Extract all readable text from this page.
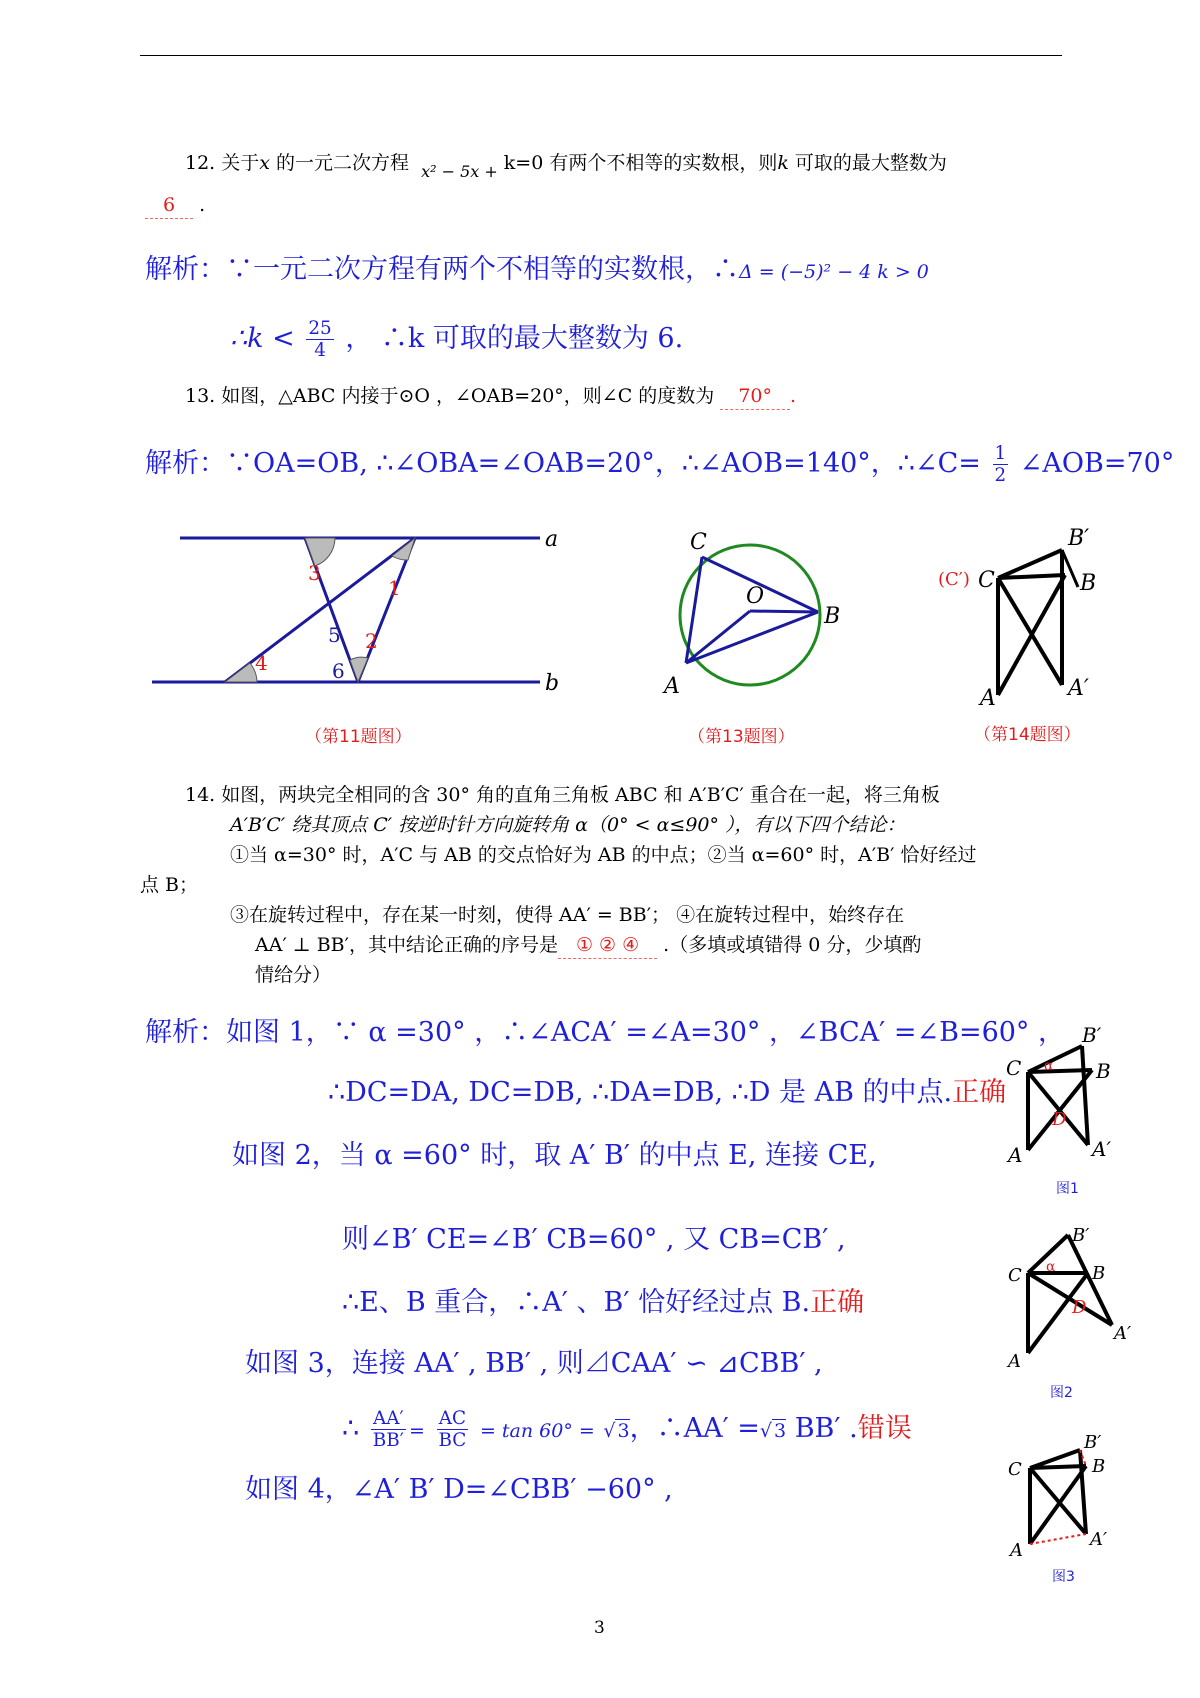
12. 关于x 的一元二次方程 $_{x^2 - 5x +}$ k=0 有两个不相等的实数根，则k 可取的最大整数为
6 .
解析：∵一元二次方程有两个不相等的实数根，∴Δ = (−5)² − 4 k > 0
∴k < $\frac{25}{4}$ ， ∴k 可取的最大整数为 6.
13. 如图，△ABC 内接于⊙O ，∠OAB=20°，则∠C 的度数为 70° .
解析：∵OA=OB, ∴∠OBA=∠OAB=20°，∴∠AOB=140°，∴∠C= $\frac{1}{2}$ ∠AOB=70°
a
b
3
1
2
4
5
6
（第11题图）
C
O
B
A
（第13题图）
B′
B
(C′) C
A	A′
（第14题图）
14. 如图，两块完全相同的含 30° 角的直角三角板 ABC 和 A′B′C′ 重合在一起，将三角板
A′B′C′ 绕其顶点 C′ 按逆时针方向旋转角 α（0° < α≤90° ），有以下四个结论：
①当 α=30° 时，A′C 与 AB 的交点恰好为 AB 的中点；②当 α=60° 时，A′B′ 恰好经过
点 B；
③在旋转过程中，存在某一时刻，使得 AA′ = BB′； ④在旋转过程中，始终存在
AA′ ⊥ BB′，其中结论正确的序号是 ① ② ④ .（多填或填错得 0 分，少填酌
情给分）
解析：如图 1，∵ α =30° ，∴∠ACA′ =∠A=30° ，∠BCA′ =∠B=60° ，
∴DC=DA, DC=DB, ∴DA=DB, ∴D 是 AB 的中点.正确
如图 2，当 α =60° 时，取 A′ B′ 的中点 E, 连接 CE,
则∠B′ CE=∠B′ CB=60° , 又 CB=CB′ ,
∴E、B 重合，∴A′ 、B′ 恰好经过点 B.正确
如图 3，连接 AA′ , BB′ , 则⊿CAA′ ∽ ⊿CBB′ ,
∴ $\frac{AA'}{BB'} = \frac{AC}{BC} = \tan 60^\circ$ = √ 3，∴AA′ =√ 3 BB′ .错误
如图 4，∠A′ B′ D=∠CBB′ −60° ,
B′
B
C α
D
A	A′
图1
B′
B
C α
D
A
A′
图2
B′
B
C
A
A′
图3
3
